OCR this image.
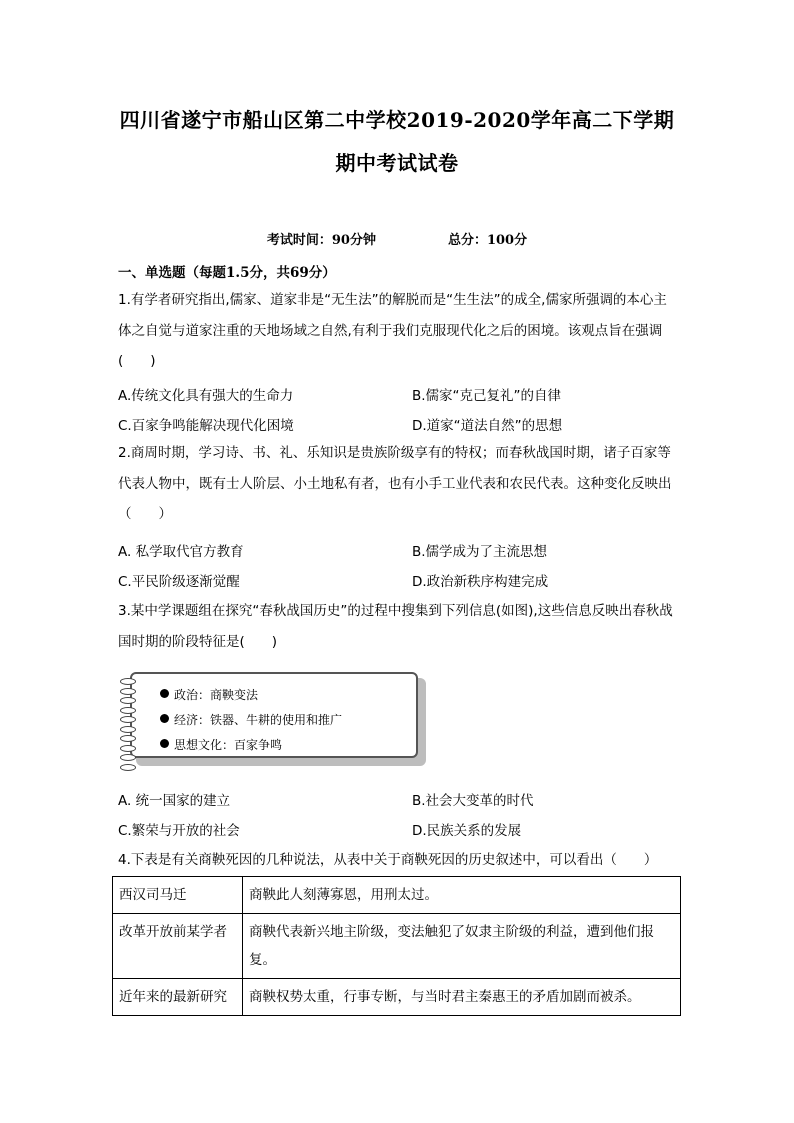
四川省遂宁市船山区第二中学校2019-2020学年高二下学期
期中考试试卷
考试时间：90分钟	总分：100分
一、单选题（每题1.5分，共69分）
1.有学者研究指出,儒家、道家非是“无生法”的解脱而是“生生法”的成全,儒家所强调的本心主体之自觉与道家注重的天地场域之自然,有利于我们克服现代化之后的困境。该观点旨在强调(　　)
A.传统文化具有强大的生命力	B.儒家“克己复礼”的自律
C.百家争鸣能解决现代化困境	D.道家“道法自然”的思想
2.商周时期，学习诗、书、礼、乐知识是贵族阶级享有的特权；而春秋战国时期，诸子百家等代表人物中，既有士人阶层、小土地私有者，也有小手工业代表和农民代表。这种变化反映出（　　）
A. 私学取代官方教育	B.儒学成为了主流思想
C.平民阶级逐渐觉醒	D.政治新秩序构建完成
3.某中学课题组在探究“春秋战国历史”的过程中搜集到下列信息(如图),这些信息反映出春秋战国时期的阶段特征是(　　)
政治：商鞅变法
经济：铁器、牛耕的使用和推广
思想文化：百家争鸣
A. 统一国家的建立	B.社会大变革的时代
C.繁荣与开放的社会	D.民族关系的发展
4.下表是有关商鞅死因的几种说法，从表中关于商鞅死因的历史叙述中，可以看出（　　）
西汉司马迁	商鞅此人刻薄寡恩，用刑太过。
改革开放前某学者	商鞅代表新兴地主阶级，变法触犯了奴隶主阶级的利益，遭到他们报复。
近年来的最新研究	商鞅权势太重，行事专断，与当时君主秦惠王的矛盾加剧而被杀。
